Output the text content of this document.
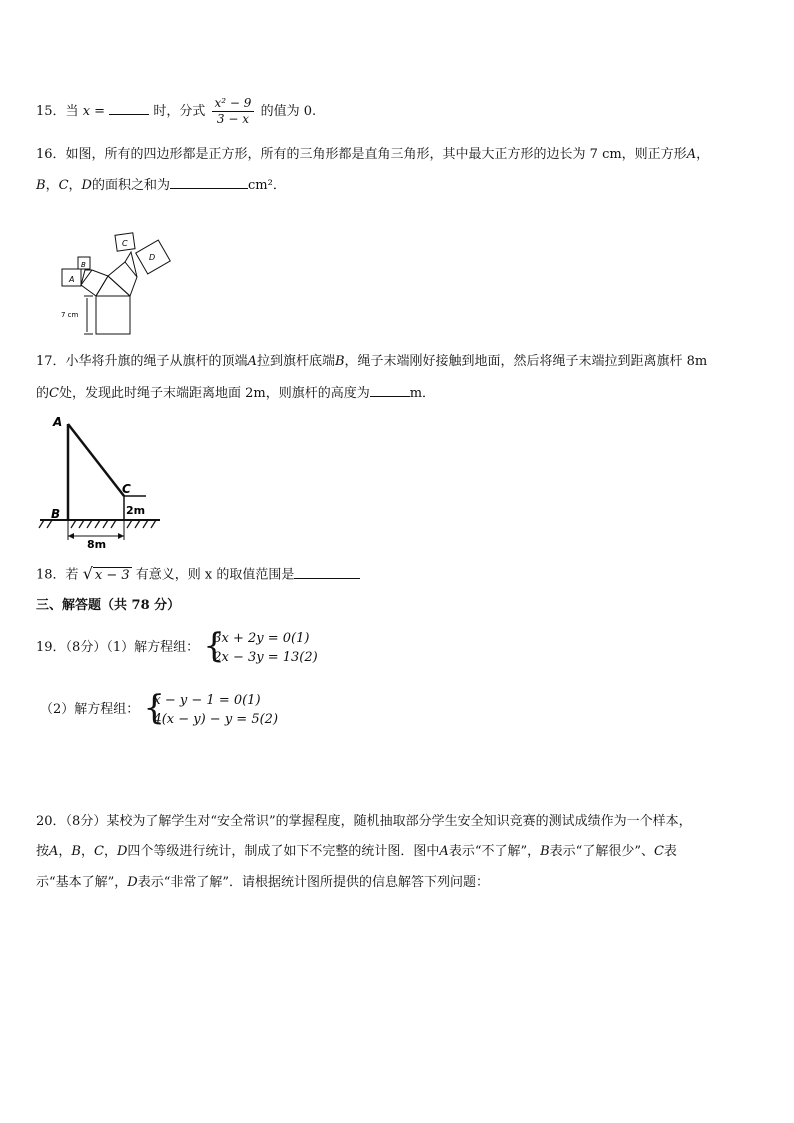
15．当 x =	时，分式 $\frac{\text{x² − 9}}{3 - x}$ 的值为 0.
16．如图，所有的四边形都是正方形，所有的三角形都是直角三角形，其中最大正方形的边长为 7 cm，则正方形A，
B，C，D的面积之和为	cm²．
A
B
C
D
7 cm
17．小华将升旗的绳子从旗杆的顶端A拉到旗杆底端B，绳子末端刚好接触到地面，然后将绳子末端拉到距离旗杆 8m
的C处，发现此时绳子末端距离地面 2m，则旗杆的高度为	m．
A
B
C
2m
8m
18．若 √ x − 3 有意义，则 x 的取值范围是
三、解答题（共 78 分）
19．（8分）（1）解方程组： {
3x + 2y = 0(1)
2x − 3y = 13(2)
（2）解方程组： {
x − y − 1 = 0(1)
4(x − y) − y = 5(2)
20．（8分）某校为了解学生对“安全常识”的掌握程度，随机抽取部分学生安全知识竞赛的测试成绩作为一个样本，
按A，B，C，D四个等级进行统计，制成了如下不完整的统计图．图中A表示“不了解”，B表示“了解很少”、C表
示“基本了解”，D表示“非常了解”．请根据统计图所提供的信息解答下列问题：
